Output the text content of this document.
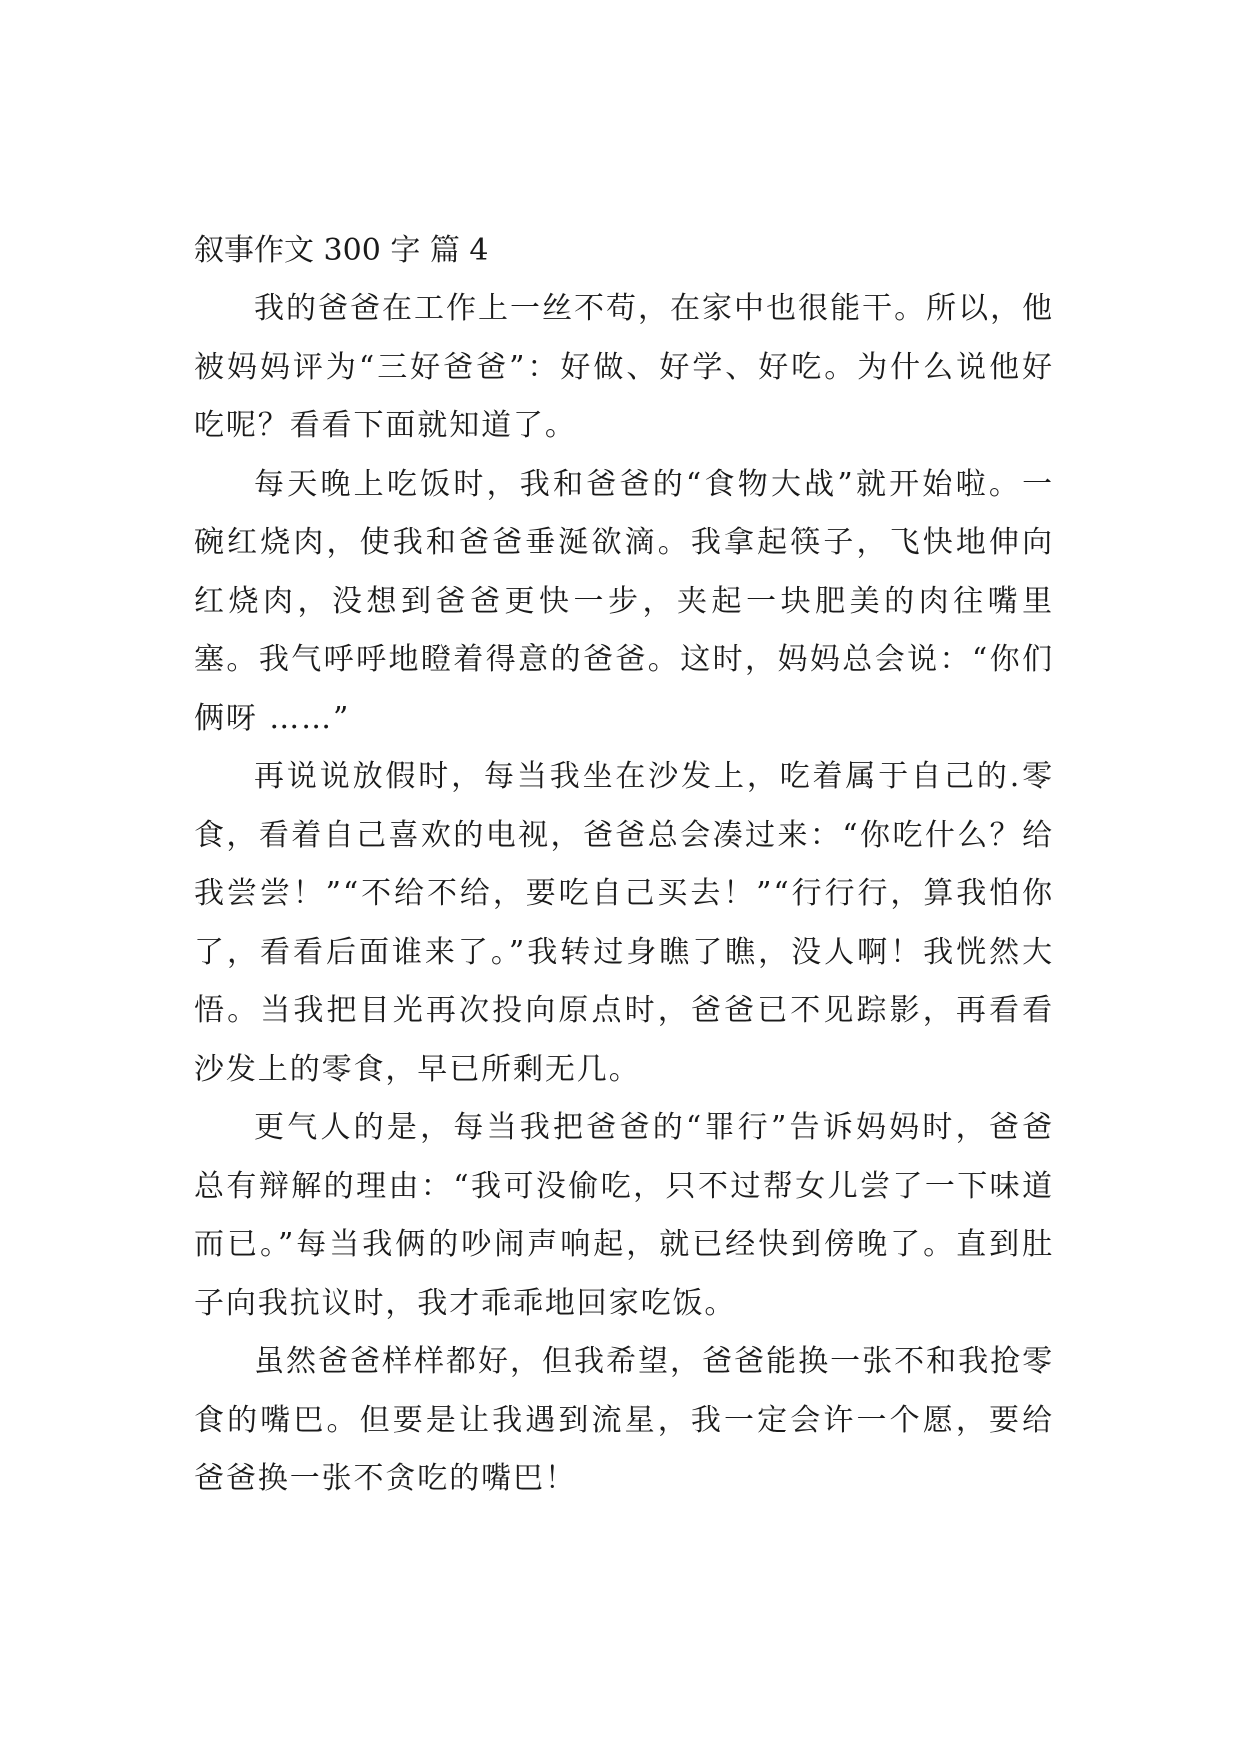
叙事作文 300 字 篇 4

我的爸爸在工作上一丝不苟，在家中也很能干。所以，他被妈妈评为“三好爸爸”：好做、好学、好吃。为什么说他好吃呢？看看下面就知道了。

每天晚上吃饭时，我和爸爸的“食物大战”就开始啦。一碗红烧肉，使我和爸爸垂涎欲滴。我拿起筷子，飞快地伸向红烧肉，没想到爸爸更快一步，夹起一块肥美的肉往嘴里塞。我气呼呼地瞪着得意的爸爸。这时，妈妈总会说：“你们俩呀 ……”

再说说放假时，每当我坐在沙发上，吃着属于自己的.零食，看着自己喜欢的电视，爸爸总会凑过来：“你吃什么？给我尝尝！”“不给不给，要吃自己买去！”“行行行，算我怕你了，看看后面谁来了。”我转过身瞧了瞧，没人啊！我恍然大悟。当我把目光再次投向原点时，爸爸已不见踪影，再看看沙发上的零食，早已所剩无几。

更气人的是，每当我把爸爸的“罪行”告诉妈妈时，爸爸总有辩解的理由：“我可没偷吃，只不过帮女儿尝了一下味道而已。”每当我俩的吵闹声响起，就已经快到傍晚了。直到肚子向我抗议时，我才乖乖地回家吃饭。

虽然爸爸样样都好，但我希望，爸爸能换一张不和我抢零食的嘴巴。但要是让我遇到流星，我一定会许一个愿，要给爸爸换一张不贪吃的嘴巴！
